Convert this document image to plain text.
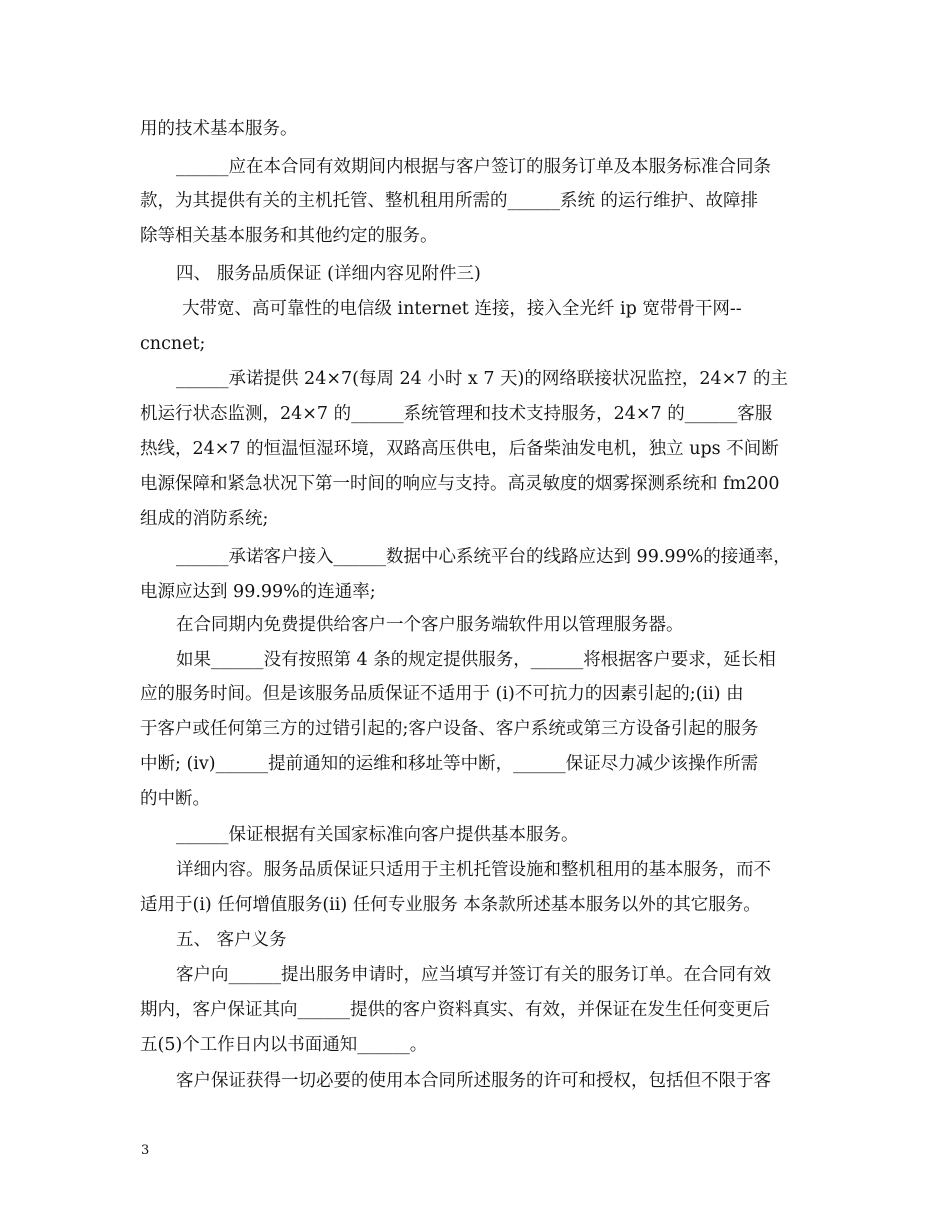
用的技术基本服务。
______应在本合同有效期间内根据与客户签订的服务订单及本服务标准合同条
款，为其提供有关的主机托管、整机租用所需的______系统 的运行维护、故障排
除等相关基本服务和其他约定的服务。
四、 服务品质保证 (详细内容见附件三)
大带宽、高可靠性的电信级 internet 连接，接入全光纤 ip 宽带骨干网--
cncnet;
______承诺提供 24×7(每周 24 小时 x 7 天)的网络联接状况监控，24×7 的主
机运行状态监测，24×7 的______系统管理和技术支持服务，24×7 的______客服
热线，24×7 的恒温恒湿环境，双路高压供电，后备柴油发电机，独立 ups 不间断
电源保障和紧急状况下第一时间的响应与支持。高灵敏度的烟雾探测系统和 fm200
组成的消防系统;
______承诺客户接入______数据中心系统平台的线路应达到 99.99%的接通率，
电源应达到 99.99%的连通率;
在合同期内免费提供给客户一个客户服务端软件用以管理服务器。
如果______没有按照第 4 条的规定提供服务，______将根据客户要求，延长相
应的服务时间。但是该服务品质保证不适用于 (i)不可抗力的因素引起的;(ii) 由
于客户或任何第三方的过错引起的;客户设备、客户系统或第三方设备引起的服务
中断; (iv)______提前通知的运维和移址等中断，______保证尽力减少该操作所需
的中断。
______保证根据有关国家标准向客户提供基本服务。
详细内容。服务品质保证只适用于主机托管设施和整机租用的基本服务，而不
适用于(i) 任何增值服务(ii) 任何专业服务 本条款所述基本服务以外的其它服务。
五、 客户义务
客户向______提出服务申请时，应当填写并签订有关的服务订单。在合同有效
期内，客户保证其向______提供的客户资料真实、有效，并保证在发生任何变更后
五(5)个工作日内以书面通知______。
客户保证获得一切必要的使用本合同所述服务的许可和授权，包括但不限于客
3
